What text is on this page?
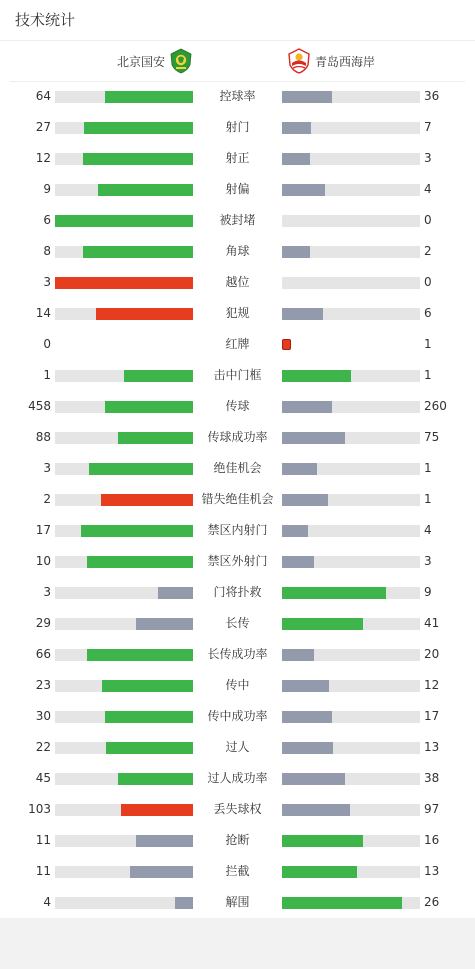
技术统计
北京国安	青岛西海岸
64	控球率	36
27	射门	7
12	射正	3
9	射偏	4
6	被封堵	0
8	角球	2
3	越位	0
14	犯规	6
0	红牌	1
1	击中门框	1
458	传球	260
88	传球成功率	75
3	绝佳机会	1
2	错失绝佳机会	1
17	禁区内射门	4
10	禁区外射门	3
3	门将扑救	9
29	长传	41
66	长传成功率	20
23	传中	12
30	传中成功率	17
22	过人	13
45	过人成功率	38
103	丢失球权	97
11	抢断	16
11	拦截	13
4	解围	26
